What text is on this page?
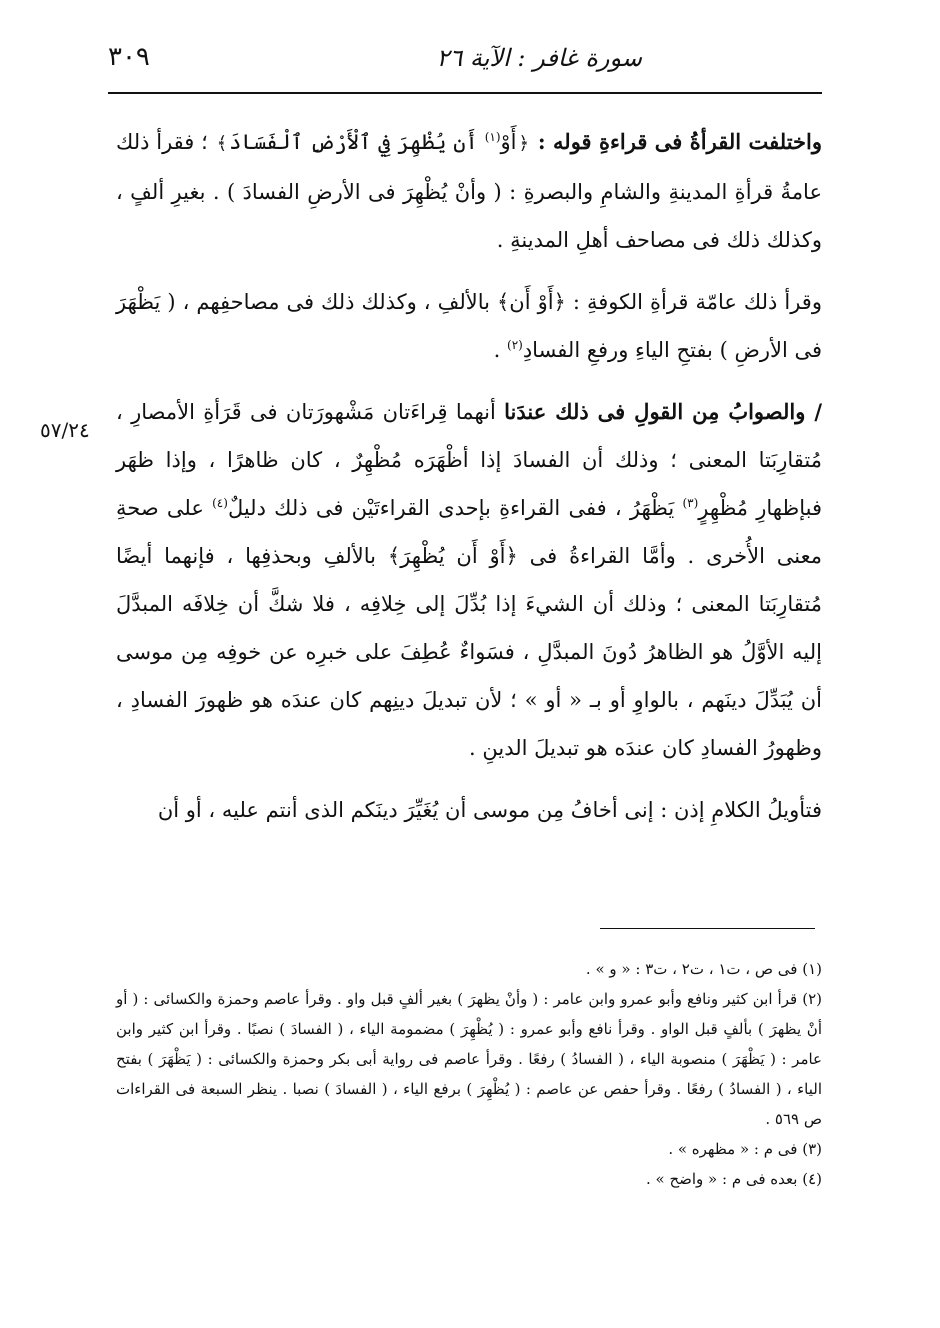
سورة غافر : الآية ٢٦
٣٠٩
٥٧/٢٤

واختلفت القرأةُ فى قراءةِ قوله : ﴿أَوْ$^{(١)}$ أَن يُظْهِرَ فِي ٱلْأَرْضِ ٱلْفَسَادَ﴾ ؛ فقرأ ذلك عامةُ قرأةِ المدينةِ والشامِ والبصرةِ : ( وأنْ يُظْهِرَ فى الأرضِ الفسادَ ) . بغيرِ ألفٍ ، وكذلك ذلك فى مصاحف أهلِ المدينةِ .

وقرأ ذلك عامّة قرأةِ الكوفةِ : ﴿أَوْ أَن﴾ بالألفِ ، وكذلك ذلك فى مصاحفِهم ، ( يَظْهَرَ فى الأرضِ ) بفتحِ الياءِ ورفعِ الفسادِ$^{(٢)}$ .

/ والصوابُ مِن القولِ فى ذلك عندَنا أنهما قِراءَتان مَشْهورَتان فى قَرَأةِ الأمصارِ ، مُتقارِبَتا المعنى ؛ وذلك أن الفسادَ إذا أظْهَرَه مُظْهِرٌ ، كان ظاهرًا ، وإذا ظهَر فبإظهارِ مُظْهِرٍ$^{(٣)}$ يَظْهَرُ ، ففى القراءةِ بإحدى القراءتَيْن فى ذلك دليلٌ$^{(٤)}$ على صحةِ معنى الأُخرى . وأمَّا القراءةُ فى ﴿أَوْ أَن يُظْهِرَ﴾ بالألفِ وبحذفِها ، فإنهما أيضًا مُتقارِبَتا المعنى ؛ وذلك أن الشيءَ إذا بُدِّلَ إلى خِلافِه ، فلا شكَّ أن خِلافَه المبدَّلَ إليه الأوَّلُ هو الظاهرُ دُونَ المبدَّلِ ، فسَواءٌ عُطِفَ على خبرِه عن خوفِه مِن موسى أن يُبَدِّلَ دينَهم ، بالواوِ أو بـ « أو » ؛ لأن تبديلَ دينِهم كان عندَه هو ظهورَ الفسادِ ، وظهورُ الفسادِ كان عندَه هو تبديلَ الدينِ .

فتأويلُ الكلامِ إذن : إنى أخافُ مِن موسى أن يُغَيِّرَ دينَكم الذى أنتم عليه ، أو أن

(١) فى ص ، ت١ ، ت٢ ، ت٣ : « و » .

(٢) قرأ ابن كثير ونافع وأبو عمرو وابن عامر : ( وأنْ يظهرَ ) بغير ألفٍ قبل واو . وقرأ عاصم وحمزة والكسائى : ( أو أنْ يظهرَ ) بألفٍ قبل الواو . وقرأ نافع وأبو عمرو : ( يُظْهِرَ ) مضمومة الياء ، ( الفسادَ ) نصبًا . وقرأ ابن كثير وابن عامر : ( يَظْهَرَ ) منصوبة الياء ، ( الفسادُ ) رفعًا . وقرأ عاصم فى رواية أبى بكر وحمزة والكسائى : ( يَظْهَرَ ) بفتح الياء ، ( الفسادُ ) رفعًا . وقرأ حفص عن عاصم : ( يُظْهِرَ ) برفع الياء ، ( الفسادَ ) نصبا . ينظر السبعة فى القراءات ص ٥٦٩ .

(٣) فى م : « مظهره » .

(٤) بعده فى م : « واضح » .
